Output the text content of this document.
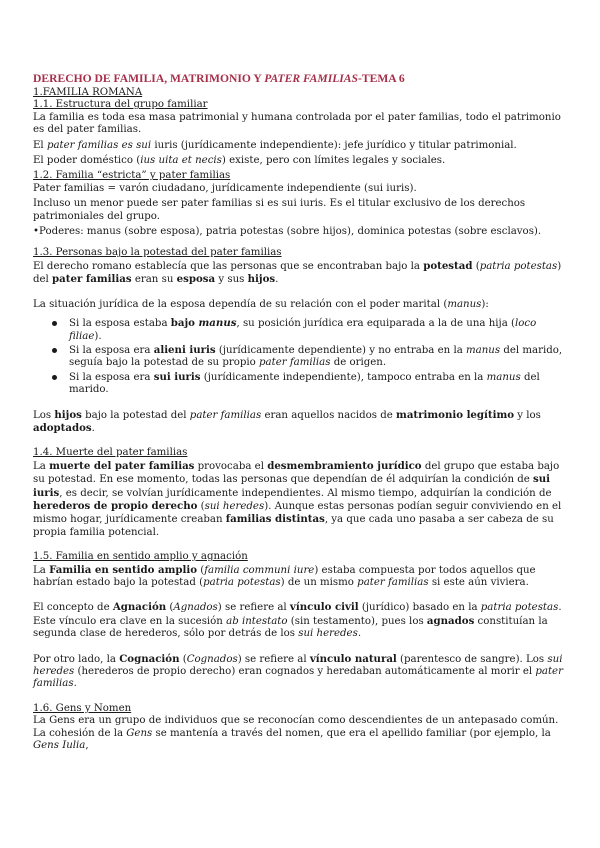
DERECHO DE FAMILIA, MATRIMONIO Y PATER FAMILIAS-TEMA 6

1.FAMILIA ROMANA

1.1. Estructura del grupo familiar

La familia es toda esa masa patrimonial y humana controlada por el pater familias, todo el patrimonio es del pater familias.

El pater familias es sui iuris (jurídicamente independiente): jefe jurídico y titular patrimonial.

El poder doméstico (ius uita et necis) existe, pero con límites legales y sociales.

1.2. Familia “estricta” y pater familias

Pater familias = varón ciudadano, jurídicamente independiente (sui iuris).

Incluso un menor puede ser pater familias si es sui iuris. Es el titular exclusivo de los derechos patrimoniales del grupo.

•Poderes: manus (sobre esposa), patria potestas (sobre hijos), dominica potestas (sobre esclavos).

1.3. Personas bajo la potestad del pater familias

El derecho romano establecía que las personas que se encontraban bajo la potestad (patria potestas) del pater familias eran su esposa y sus hijos.

La situación jurídica de la esposa dependía de su relación con el poder marital (manus):

Si la esposa estaba bajo manus, su posición jurídica era equiparada a la de una hija (loco filiae).
Si la esposa era alieni iuris (jurídicamente dependiente) y no entraba en la manus del marido, seguía bajo la potestad de su propio pater familias de origen.
Si la esposa era sui iuris (jurídicamente independiente), tampoco entraba en la manus del marido.

Los hijos bajo la potestad del pater familias eran aquellos nacidos de matrimonio legítimo y los adoptados.

1.4. Muerte del pater familias

La muerte del pater familias provocaba el desmembramiento jurídico del grupo que estaba bajo su potestad. En ese momento, todas las personas que dependían de él adquirían la condición de sui iuris, es decir, se volvían jurídicamente independientes. Al mismo tiempo, adquirían la condición de herederos de propio derecho (sui heredes). Aunque estas personas podían seguir conviviendo en el mismo hogar, jurídicamente creaban familias distintas, ya que cada uno pasaba a ser cabeza de su propia familia potencial.

1.5. Familia en sentido amplio y agnación

La Familia en sentido amplio (familia communi iure) estaba compuesta por todos aquellos que habrían estado bajo la potestad (patria potestas) de un mismo pater familias si este aún viviera.

El concepto de Agnación (Agnados) se refiere al vínculo civil (jurídico) basado en la patria potestas. Este vínculo era clave en la sucesión ab intestato (sin testamento), pues los agnados constituían la segunda clase de herederos, sólo por detrás de los sui heredes.

Por otro lado, la Cognación (Cognados) se refiere al vínculo natural (parentesco de sangre). Los sui heredes (herederos de propio derecho) eran cognados y heredaban automáticamente al morir el pater familias.

1.6. Gens y Nomen

La Gens era un grupo de individuos que se reconocían como descendientes de un antepasado común. La cohesión de la Gens se mantenía a través del nomen, que era el apellido familiar (por ejemplo, la Gens Iulia,
